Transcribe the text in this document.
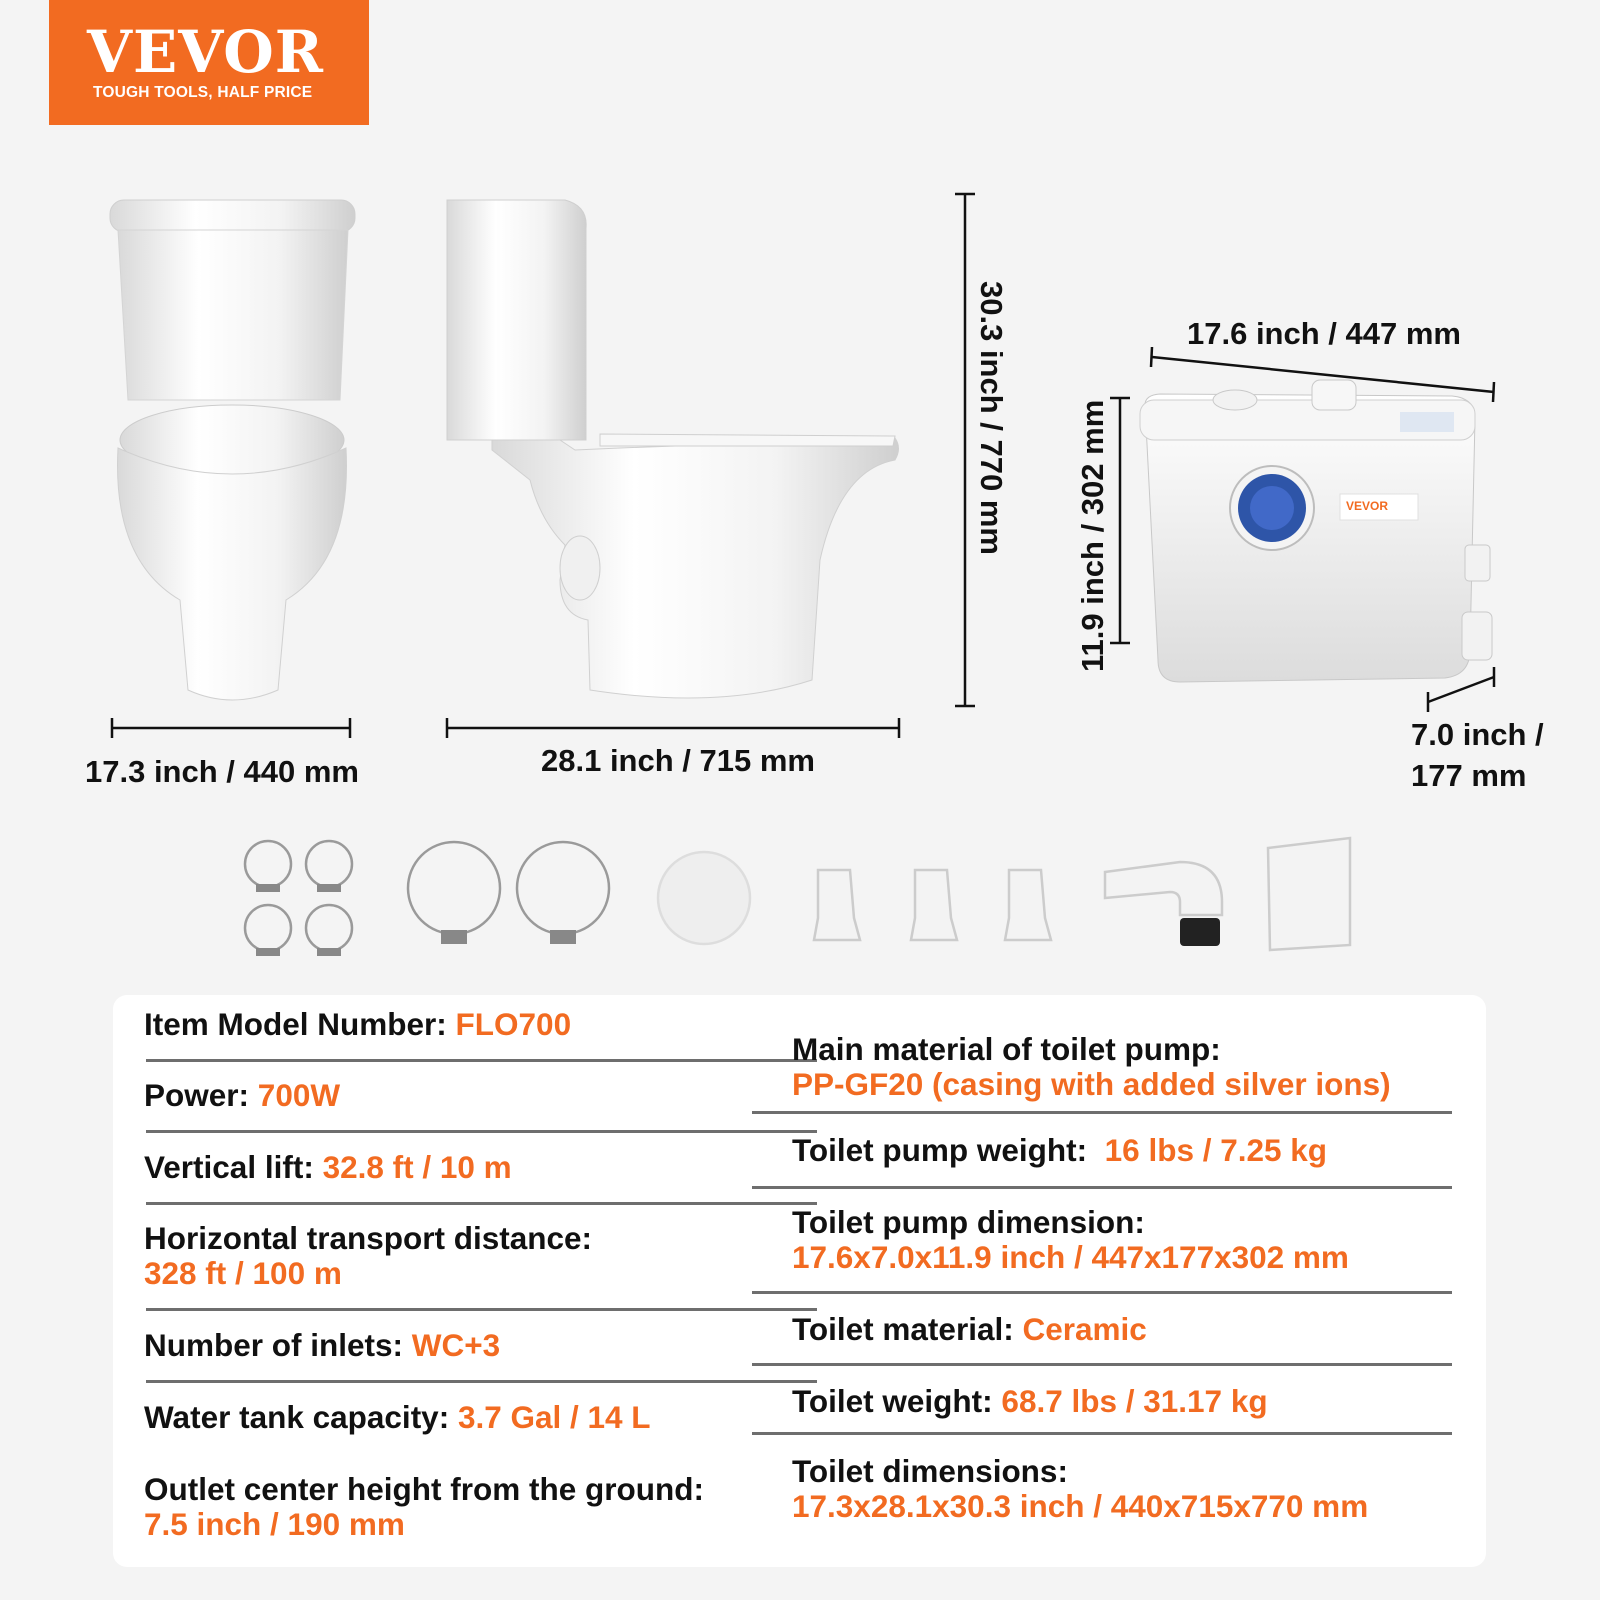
VEVOR
TOUGH TOOLS, HALF PRICE
VEVOR
17.3 inch / 440 mm	28.1 inch / 715 mm
30.3 inch / 770 mm	17.6 inch / 447 mm
11.9 inch / 302 mm
7.0 inch /
177 mm
Item Model Number: FLO700
Power: 700W
Vertical lift: 32.8 ft / 10 m
Horizontal transport distance:
328 ft / 100 m
Number of inlets: WC+3
Water tank capacity: 3.7 Gal / 14 L
Outlet center height from the ground:
7.5 inch / 190 mm
Main material of toilet pump:
PP-GF20 (casing with added silver ions)
Toilet pump weight: 16 lbs / 7.25 kg
Toilet pump dimension:
17.6x7.0x11.9 inch / 447x177x302 mm
Toilet material: Ceramic
Toilet weight: 68.7 lbs / 31.17 kg
Toilet dimensions:
17.3x28.1x30.3 inch / 440x715x770 mm
